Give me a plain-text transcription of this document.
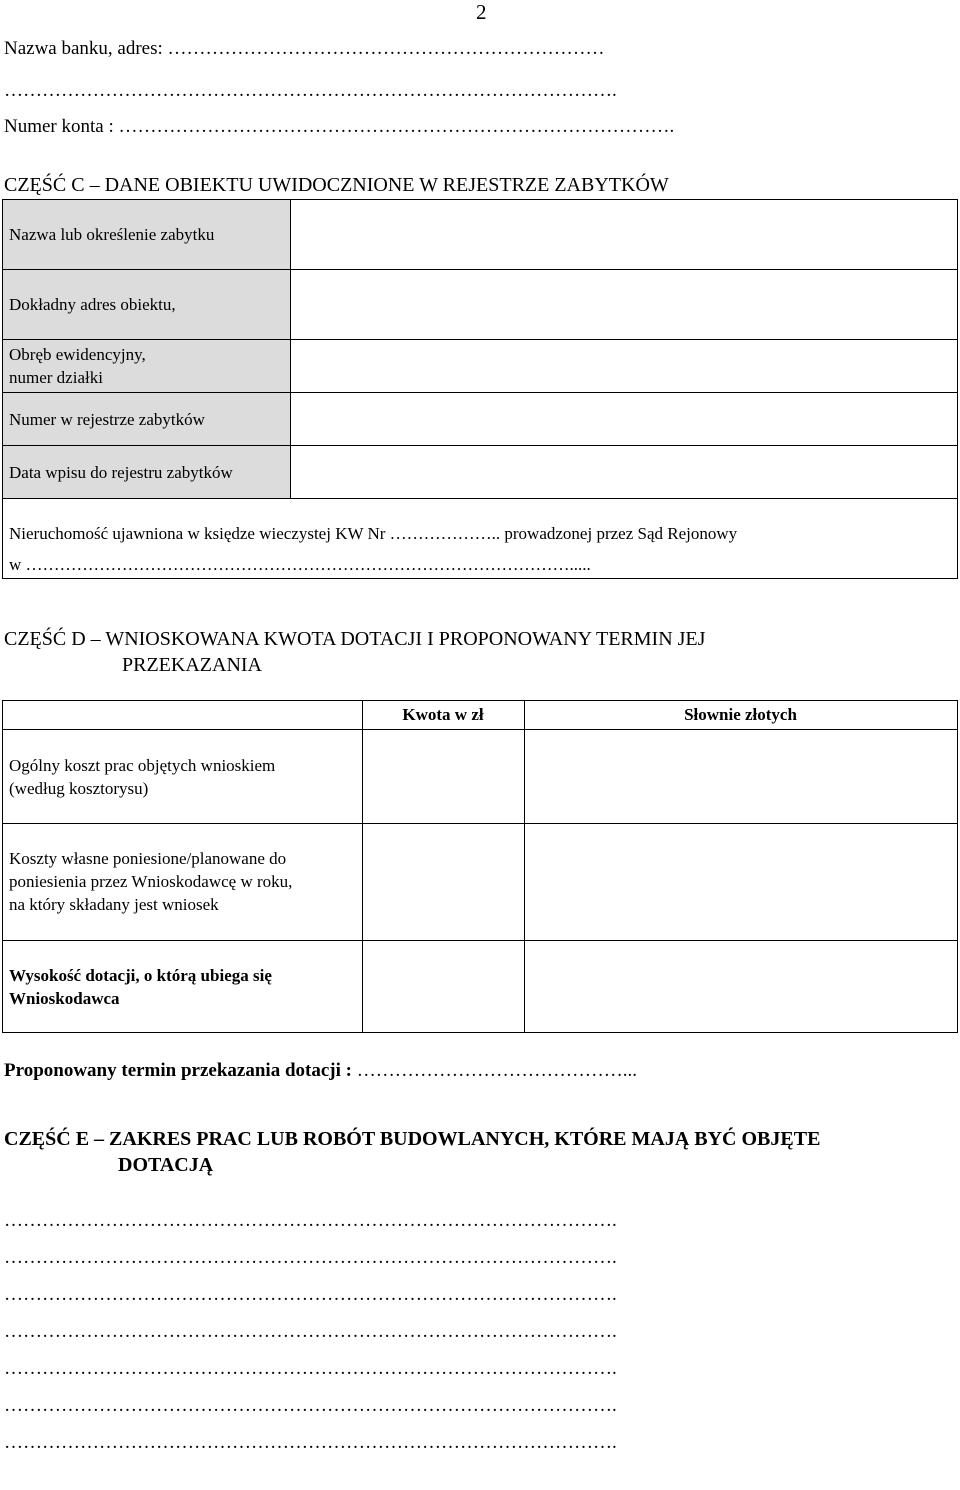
2
Nazwa banku, adres: ……………………………………………………………
…………………………………………………………………………………….
Numer konta : …………………………………………………………………………….
CZĘŚĆ C – DANE OBIEKTU UWIDOCZNIONE W REJESTRZE ZABYTKÓW
Nazwa lub określenie zabytku
Dokładny adres obiektu,
Obręb ewidencyjny, numer działki
Numer w rejestrze zabytków
Data wpisu do rejestru zabytków
Nieruchomość ujawniona w księdze wieczystej KW Nr ……………….. prowadzonej przez Sąd Rejonowy
w …………………………………………………………………………………….....
CZĘŚĆ D – WNIOSKOWANA KWOTA DOTACJI I PROPONOWANY TERMIN JEJ
PRZEKAZANIA
Kwota w zł	Słownie złotych
Ogólny koszt prac objętych wnioskiem
(według kosztorysu)
Koszty własne poniesione/planowane do
poniesienia przez Wnioskodawcę w roku,
na który składany jest wniosek
Wysokość dotacji, o którą ubiega się
Wnioskodawca
Proponowany termin przekazania dotacji : ……………………………………...
CZĘŚĆ E – ZAKRES PRAC LUB ROBÓT BUDOWLANYCH, KTÓRE MAJĄ BYĆ OBJĘTE
DOTACJĄ
…………………………………………………………………………………….
…………………………………………………………………………………….
…………………………………………………………………………………….
…………………………………………………………………………………….
…………………………………………………………………………………….
…………………………………………………………………………………….
…………………………………………………………………………………….
